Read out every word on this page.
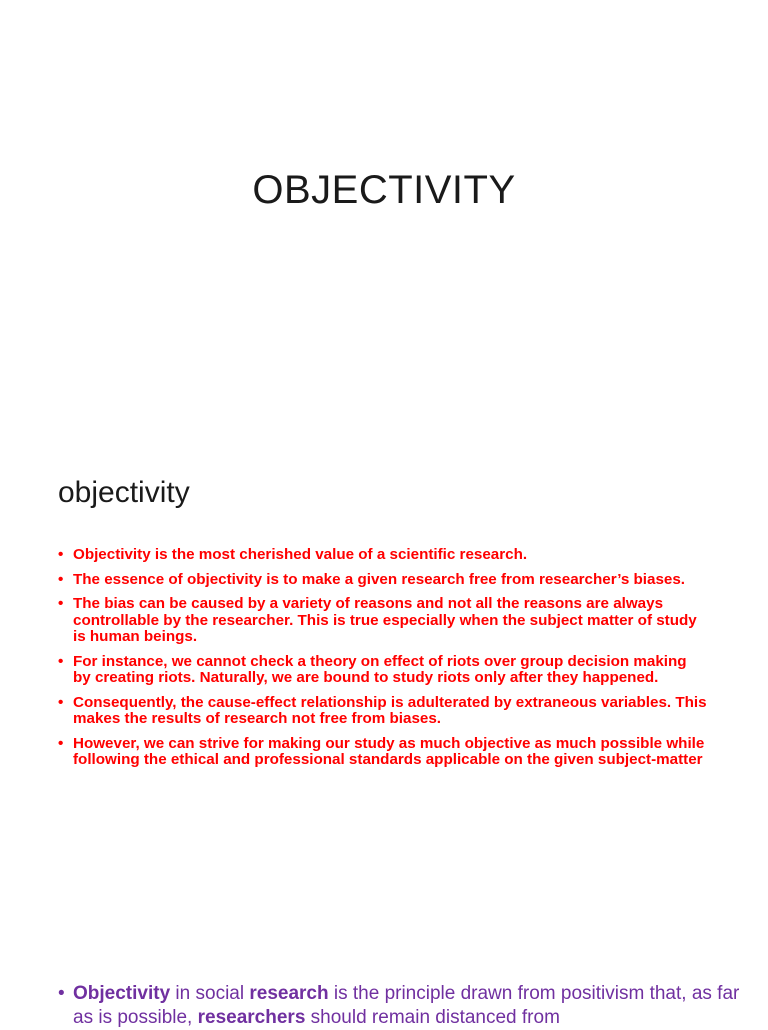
OBJECTIVITY
objectivity
• Objectivity is the most cherished value of a scientific research.
• The essence of objectivity is to make a given research free from researcher’s biases.
• The bias can be caused by a variety of reasons and not all the reasons are always controllable by the researcher. This is true especially when the subject matter of study is human beings.
• For instance, we cannot check a theory on effect of riots over group decision making by creating riots. Naturally, we are bound to study riots only after they happened.
• Consequently, the cause-effect relationship is adulterated by extraneous variables. This makes the results of research not free from biases.
• However, we can strive for making our study as much objective as much possible while following the ethical and professional standards applicable on the given subject-matter

• Objectivity in social research is the principle drawn from positivism that, as far as is possible, researchers should remain distanced from
